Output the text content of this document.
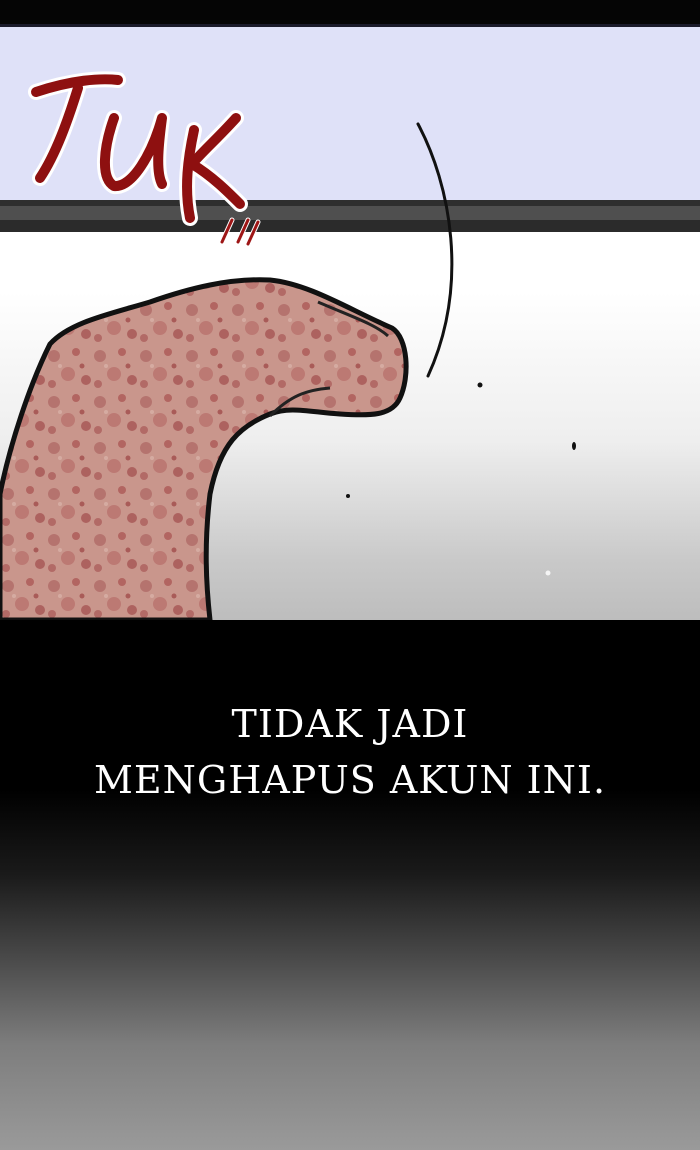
TIDAK JADI
MENGHAPUS AKUN INI.
